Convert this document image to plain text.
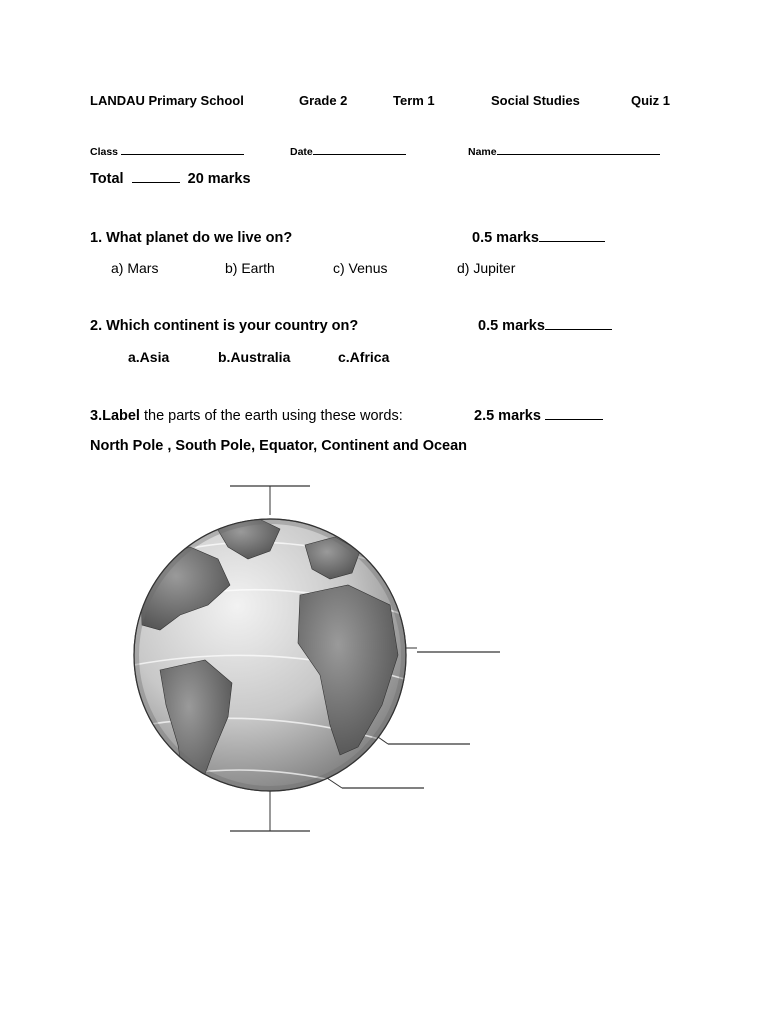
LANDAU Primary School	Grade 2	Term 1	Social Studies	Quiz 1
Class	Date	Name
Total	20 marks
1. What planet do we live on?	0.5 marks
a) Mars	b) Earth	c) Venus	d) Jupiter
2. Which continent is your country on?	0.5 marks
a.Asia	b.Australia	c.Africa
3.Label the parts of the earth using these words:	2.5 marks
North Pole , South Pole, Equator, Continent and Ocean
